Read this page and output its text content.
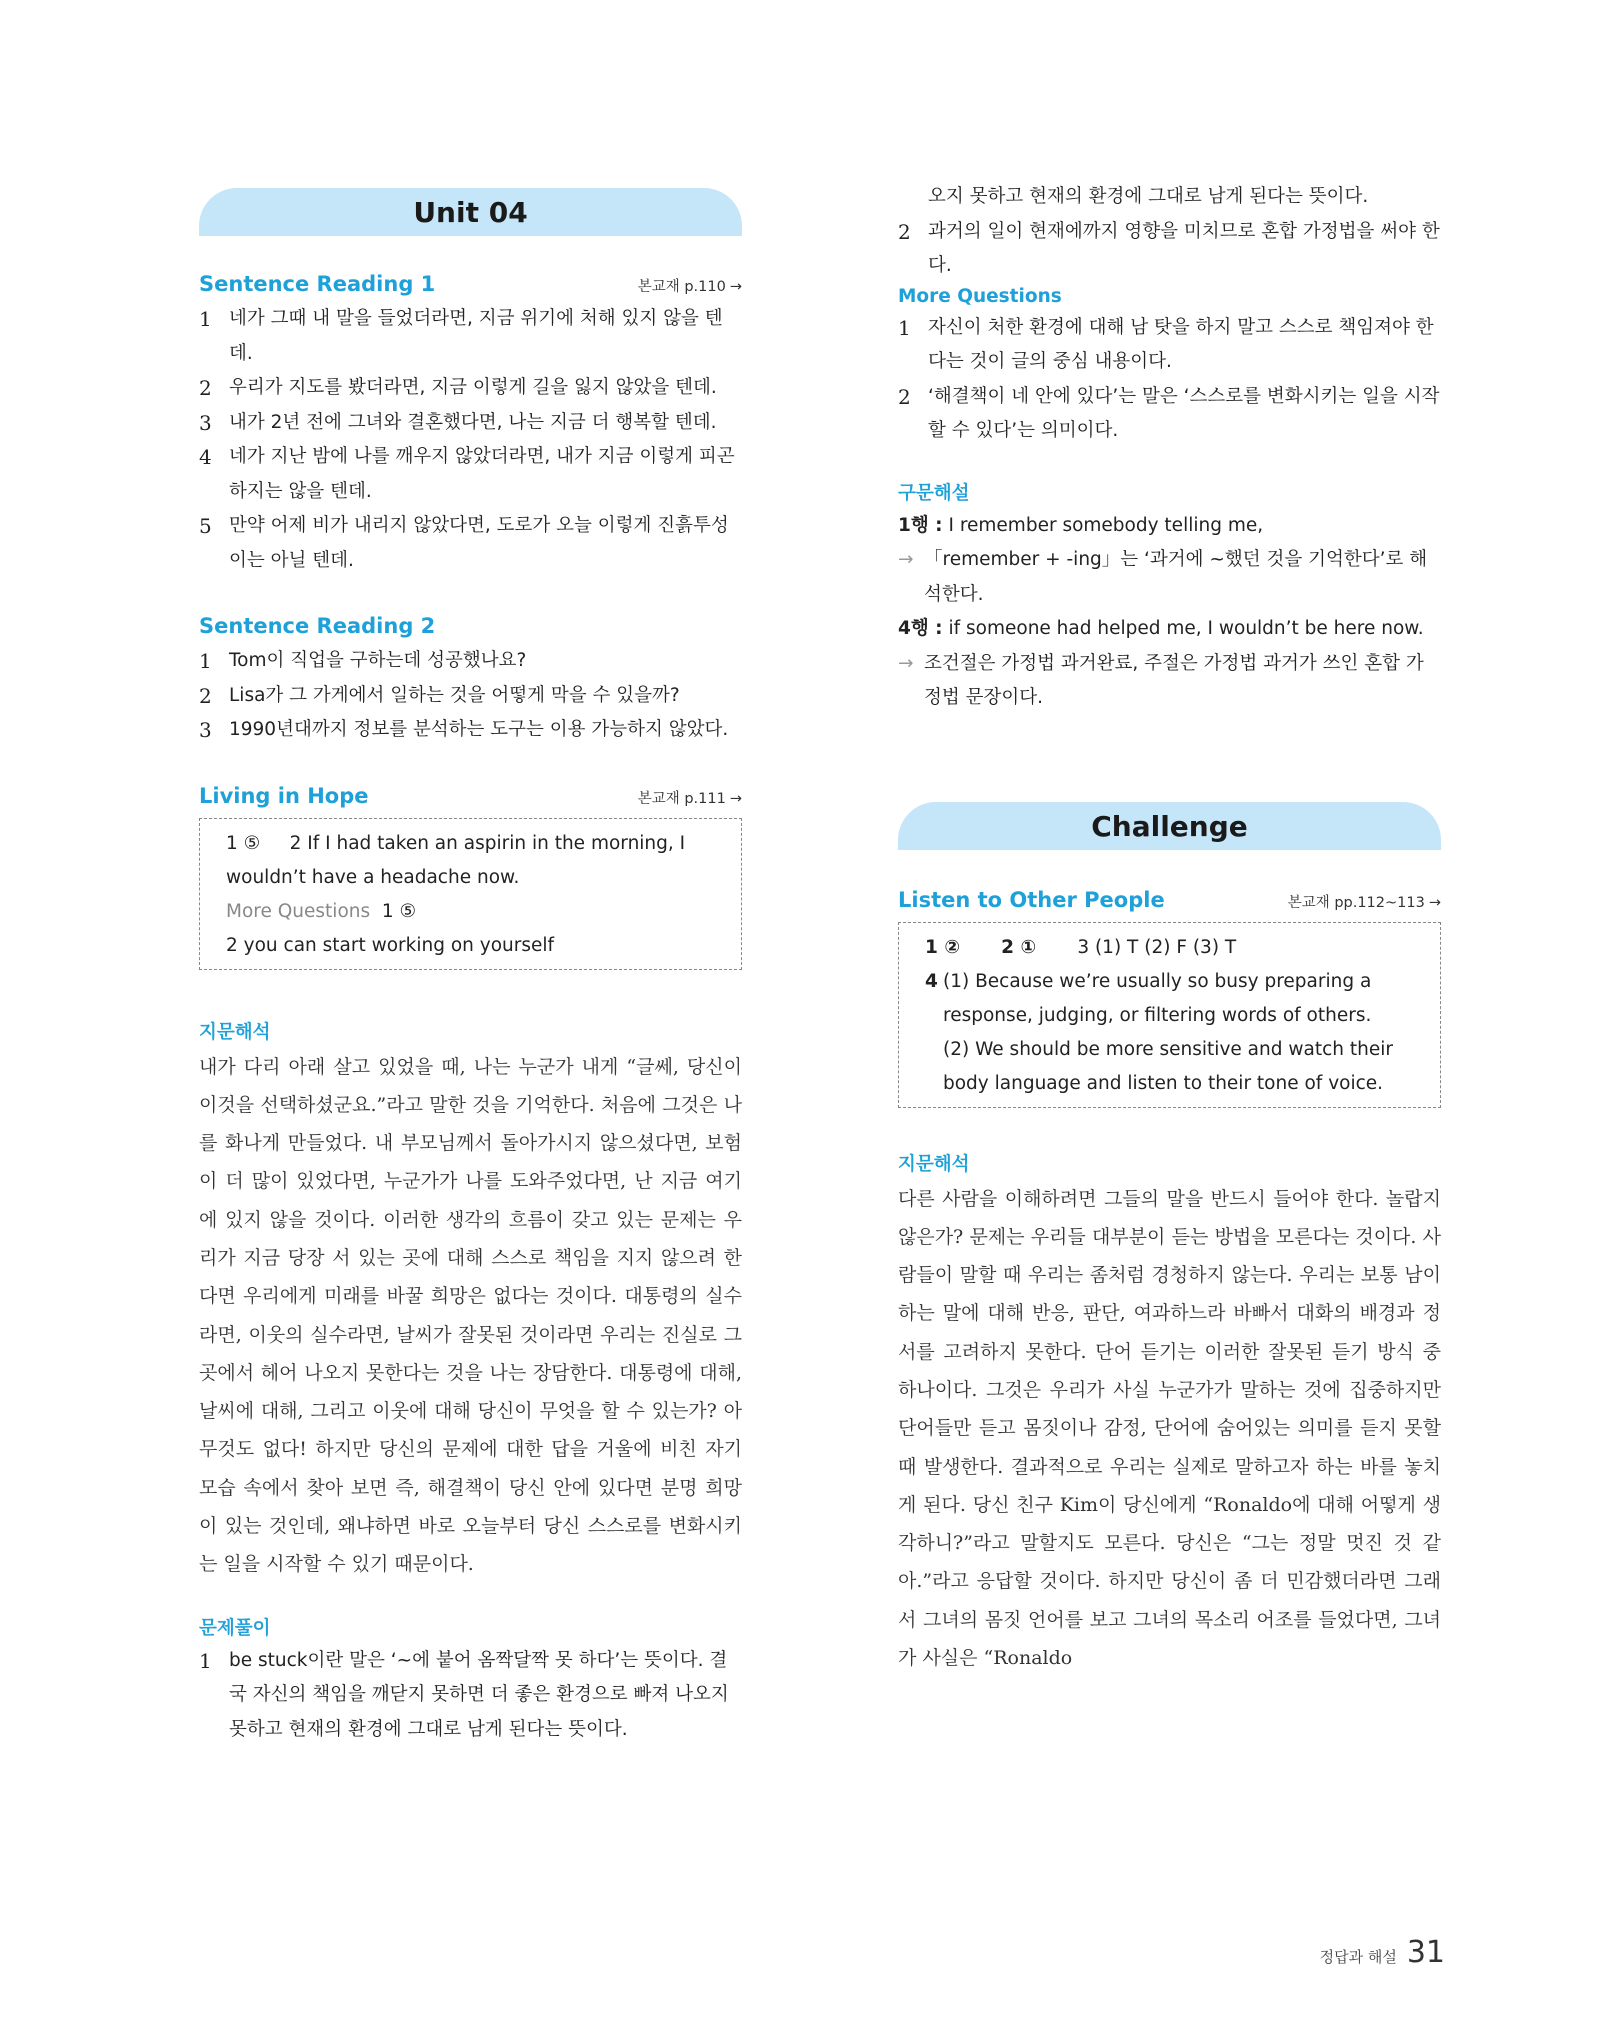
Unit 04
Sentence Reading 1	본교재 p.110 →
1 네가 그때 내 말을 들었더라면, 지금 위기에 처해 있지 않을 텐데.
2 우리가 지도를 봤더라면, 지금 이렇게 길을 잃지 않았을 텐데.
3 내가 2년 전에 그녀와 결혼했다면, 나는 지금 더 행복할 텐데.
4 네가 지난 밤에 나를 깨우지 않았더라면, 내가 지금 이렇게 피곤하지는 않을 텐데.
5 만약 어제 비가 내리지 않았다면, 도로가 오늘 이렇게 진흙투성이는 아닐 텐데.
Sentence Reading 2
1 Tom이 직업을 구하는데 성공했나요?
2 Lisa가 그 가게에서 일하는 것을 어떻게 막을 수 있을까?
3 1990년대까지 정보를 분석하는 도구는 이용 가능하지 않았다.
Living in Hope	본교재 p.111 →
1 ⑤ 2 If I had taken an aspirin in the morning, I wouldn’t have a headache now.
More Questions 1 ⑤
2 you can start working on yourself
지문해석
내가 다리 아래 살고 있었을 때, 나는 누군가 내게 “글쎄, 당신이 이것을 선택하셨군요.”라고 말한 것을 기억한다. 처음에 그것은 나를 화나게 만들었다. 내 부모님께서 돌아가시지 않으셨다면, 보험이 더 많이 있었다면, 누군가가 나를 도와주었다면, 난 지금 여기에 있지 않을 것이다. 이러한 생각의 흐름이 갖고 있는 문제는 우리가 지금 당장 서 있는 곳에 대해 스스로 책임을 지지 않으려 한다면 우리에게 미래를 바꿀 희망은 없다는 것이다. 대통령의 실수라면, 이웃의 실수라면, 날씨가 잘못된 것이라면 우리는 진실로 그곳에서 헤어 나오지 못한다는 것을 나는 장담한다. 대통령에 대해, 날씨에 대해, 그리고 이웃에 대해 당신이 무엇을 할 수 있는가? 아무것도 없다! 하지만 당신의 문제에 대한 답을 거울에 비친 자기 모습 속에서 찾아 보면 즉, 해결책이 당신 안에 있다면 분명 희망이 있는 것인데, 왜냐하면 바로 오늘부터 당신 스스로를 변화시키는 일을 시작할 수 있기 때문이다.
문제풀이
1 be stuck이란 말은 ‘~에 붙어 옴짝달짝 못 하다’는 뜻이다. 결국 자신의 책임을 깨닫지 못하면 더 좋은 환경으로 빠져 나오지 못하고 현재의 환경에 그대로 남게 된다는 뜻이다.
오지 못하고 현재의 환경에 그대로 남게 된다는 뜻이다.
2 과거의 일이 현재에까지 영향을 미치므로 혼합 가정법을 써야 한다.
More Questions
1 자신이 처한 환경에 대해 남 탓을 하지 말고 스스로 책임져야 한다는 것이 글의 중심 내용이다.
2 ‘해결책이 네 안에 있다’는 말은 ‘스스로를 변화시키는 일을 시작할 수 있다’는 의미이다.
구문해설
1행 :
I remember somebody telling me,
→ 「remember + -ing」는 ‘과거에 ~했던 것을 기억한다’로 해석한다.
4행 :
if someone had helped me, I wouldn’t be here now.
→ 조건절은 가정법 과거완료, 주절은 가정법 과거가 쓰인 혼합 가정법 문장이다.
Challenge
Listen to Other People	본교재 pp.112~113 →
1 ② 2 ① 3 (1) T (2) F (3) T
4 (1) Because we’re usually so busy preparing a response, judging, or filtering words of others.
(2) We should be more sensitive and watch their body language and listen to their tone of voice.
지문해석
다른 사람을 이해하려면 그들의 말을 반드시 들어야 한다. 놀랍지 않은가? 문제는 우리들 대부분이 듣는 방법을 모른다는 것이다. 사람들이 말할 때 우리는 좀처럼 경청하지 않는다. 우리는 보통 남이 하는 말에 대해 반응, 판단, 여과하느라 바빠서 대화의 배경과 정서를 고려하지 못한다. 단어 듣기는 이러한 잘못된 듣기 방식 중 하나이다. 그것은 우리가 사실 누군가가 말하는 것에 집중하지만 단어들만 듣고 몸짓이나 감정, 단어에 숨어있는 의미를 듣지 못할 때 발생한다. 결과적으로 우리는 실제로 말하고자 하는 바를 놓치게 된다. 당신 친구 Kim이 당신에게 “Ronaldo에 대해 어떻게 생각하니?”라고 말할지도 모른다. 당신은 “그는 정말 멋진 것 같아.”라고 응답할 것이다. 하지만 당신이 좀 더 민감했더라면 그래서 그녀의 몸짓 언어를 보고 그녀의 목소리 어조를 들었다면, 그녀가 사실은 “Ronaldo
정답과 해설 31
